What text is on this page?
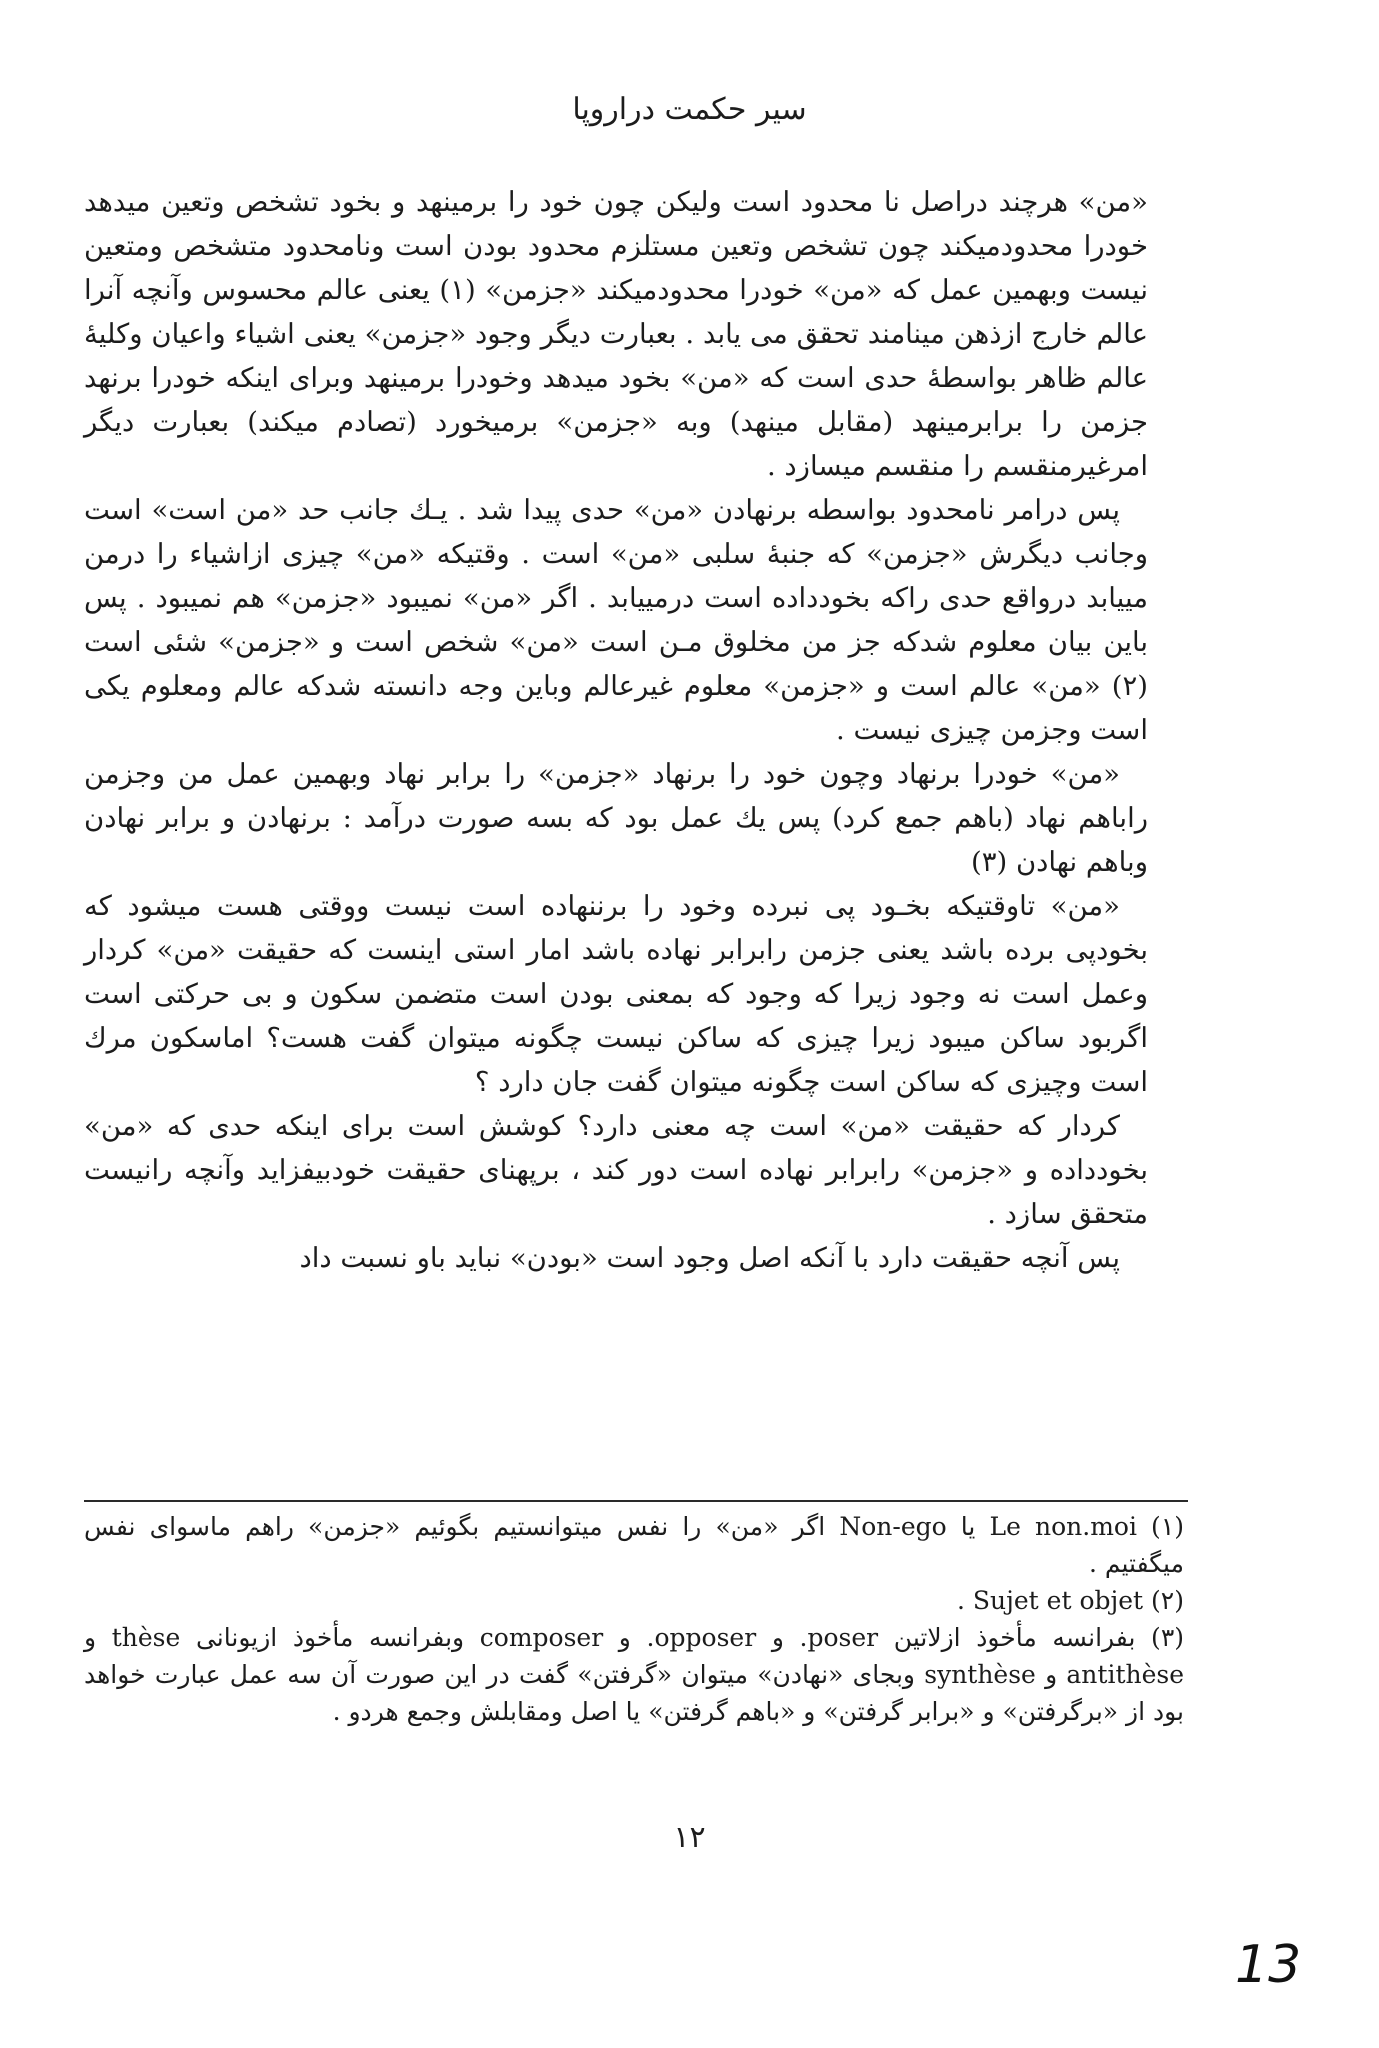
سیر حکمت دراروپا

«من» هرچند دراصل نا محدود است ولیکن چون خود را برمینهد و بخود تشخص وتعین میدهد خودرا محدودمیکند چون تشخص وتعین مستلزم محدود بودن است ونامحدود متشخص ومتعین نیست وبهمین عمل که «من» خودرا محدودمیکند «جزمن» (۱) یعنی عالم محسوس وآنچه آنرا عالم خارج ازذهن مینامند تحقق می یابد . بعبارت دیگر وجود «جزمن» یعنی اشیاء واعیان وکلیهٔ عالم ظاهر بواسطهٔ حدی است که «من» بخود میدهد وخودرا برمینهد وبرای اینکه خودرا برنهد جزمن را برابرمینهد (مقابل مینهد) وبه «جزمن» برمیخورد (تصادم میکند) بعبارت دیگر امرغیرمنقسم را منقسم میسازد .

پس درامر نامحدود بواسطه برنهادن «من» حدی پیدا شد . یـك جانب حد «من است» است وجانب دیگرش «جزمن» که جنبهٔ سلبی «من» است . وقتیکه «من» چیزی ازاشیاء را درمن مییابد درواقع حدی راکه بخودداده است درمییابد . اگر «من» نمیبود «جزمن» هم نمیبود . پس باین بیان معلوم شدکه جز من مخلوق مـن است «من» شخص است و «جزمن» شئی است (۲) «من» عالم است و «جزمن» معلوم غیرعالم وباین وجه دانسته شدکه عالم ومعلوم یکی است وجزمن چیزی نیست .

«من» خودرا برنهاد وچون خود را برنهاد «جزمن» را برابر نهاد وبهمین عمل من وجزمن راباهم نهاد (باهم جمع کرد) پس یك عمل بود که بسه صورت درآمد : برنهادن و برابر نهادن وباهم نهادن (۳)

«من» تاوقتیکه بخـود پی نبرده وخود را برننهاده است نیست ووقتی هست میشود که بخودپی برده باشد یعنی جزمن رابرابر نهاده باشد امار استی اینست که حقیقت «من» کردار وعمل است نه وجود زیرا که وجود که بمعنی بودن است متضمن سکون و بی حرکتی است اگربود ساکن میبود زیرا چیزی که ساکن نیست چگونه میتوان گفت هست؟ اماسکون مرك است وچیزی که ساکن است چگونه میتوان گفت جان دارد ؟

کردار که حقیقت «من» است چه معنی دارد؟ کوشش است برای اینکه حدی که «من» بخودداده و «جزمن» رابرابر نهاده است دور کند ، برپهنای حقیقت خودبیفزاید وآنچه رانیست متحقق سازد .

پس آنچه حقیقت دارد با آنکه اصل وجود است «بودن» نباید باو نسبت داد

(۱) Le non.moi یا Non-ego اگر «من» را نفس میتوانستیم بگوئیم «جزمن» راهم ماسوای نفس میگفتیم .

(۲) Sujet et objet .

(۳) بفرانسه مأخوذ ازلاتین poser. و opposer. و composer وبفرانسه مأخوذ ازیونانی thèse و antithèse و synthèse وبجای «نهادن» میتوان «گرفتن» گفت در این صورت آن سه عمل عبارت خواهد بود از «برگرفتن» و «برابر گرفتن» و «باهم گرفتن» یا اصل ومقابلش وجمع هردو .

۱۲
13
